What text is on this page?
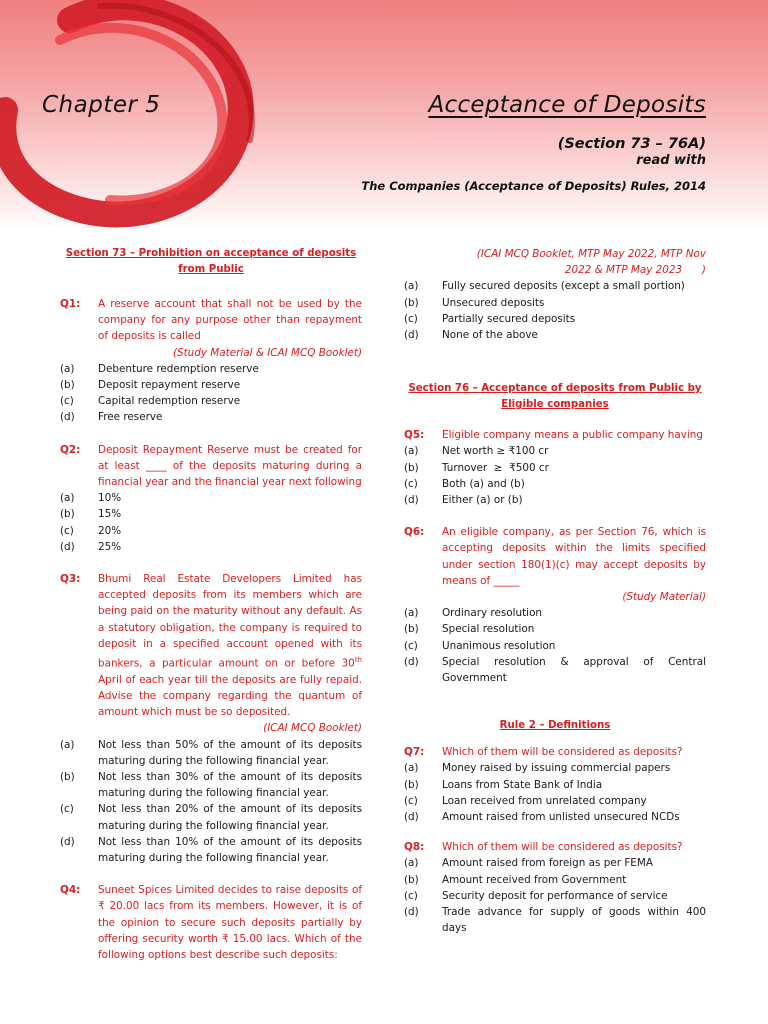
Chapter 5	Acceptance of Deposits
(Section 73 – 76A)
read with
The Companies (Acceptance of Deposits) Rules, 2014
Section 73 – Prohibition on acceptance of deposits
from Public
Q1:	A reserve account that shall not be used by the company for any purpose other than repayment of deposits is called
(Study Material & ICAI MCQ Booklet)
(a)	Debenture redemption reserve
(b)	Deposit repayment reserve
(c)	Capital redemption reserve
(d)	Free reserve
Q2:	Deposit Repayment Reserve must be created for at least ____ of the deposits maturing during a financial year and the financial year next following
(a)	10%
(b)	15%
(c)	20%
(d)	25%
Q3:	Bhumi Real Estate Developers Limited has accepted deposits from its members which are being paid on the maturity without any default. As a statutory obligation, the company is required to deposit in a specified account opened with its bankers, a particular amount on or before 30th April of each year till the deposits are fully repaid. Advise the company regarding the quantum of amount which must be so deposited.
(ICAI MCQ Booklet)
(a)	Not less than 50% of the amount of its deposits maturing during the following financial year.
(b)	Not less than 30% of the amount of its deposits maturing during the following financial year.
(c)	Not less than 20% of the amount of its deposits maturing during the following financial year.
(d)	Not less than 10% of the amount of its deposits maturing during the following financial year.
Q4:	Suneet Spices Limited decides to raise deposits of ₹ 20.00 lacs from its members. However, it is of the opinion to secure such deposits partially by offering security worth ₹ 15.00 lacs. Which of the following options best describe such deposits:
(ICAI MCQ Booklet, MTP May 2022, MTP Nov
2022 & MTP May 2023      )
(a)	Fully secured deposits (except a small portion)
(b)	Unsecured deposits
(c)	Partially secured deposits
(d)	None of the above
Section 76 – Acceptance of deposits from Public by
Eligible companies
Q5:	Eligible company means a public company having
(a)	Net worth ≥ ₹100 cr
(b)	Turnover  ≥  ₹500 cr
(c)	Both (a) and (b)
(d)	Either (a) or (b)
Q6:	An eligible company, as per Section 76, which is accepting deposits within the limits specified under section 180(1)(c) may accept deposits by means of _____
(Study Material)
(a)	Ordinary resolution
(b)	Special resolution
(c)	Unanimous resolution
(d)	Special resolution & approval of Central Government
Rule 2 – Definitions
Q7:	Which of them will be considered as deposits?
(a)	Money raised by issuing commercial papers
(b)	Loans from State Bank of India
(c)	Loan received from unrelated company
(d)	Amount raised from unlisted unsecured NCDs
Q8:	Which of them will be considered as deposits?
(a)	Amount raised from foreign as per FEMA
(b)	Amount received from Government
(c)	Security deposit for performance of service
(d)	Trade advance for supply of goods within 400 days
